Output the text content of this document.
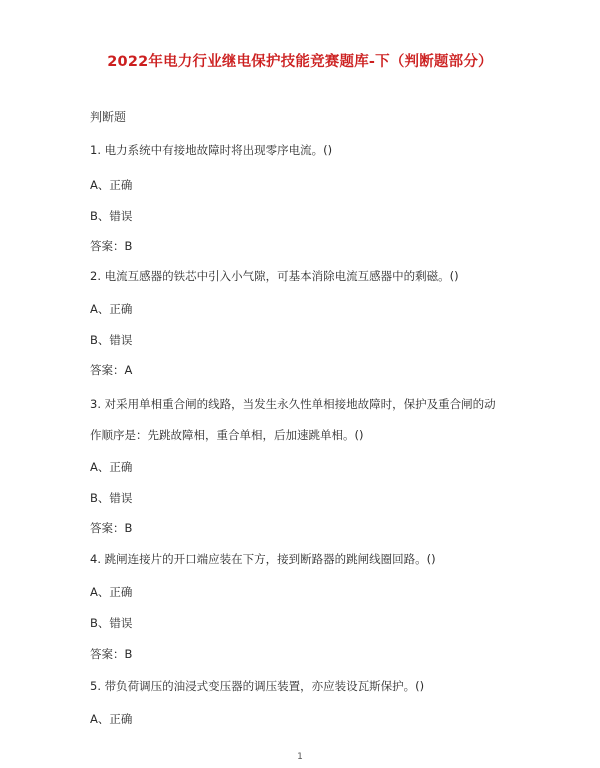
2022年电力行业继电保护技能竞赛题库-下（判断题部分）
判断题
1. 电力系统中有接地故障时将出现零序电流。()
A、正确
B、错误
答案：B
2. 电流互感器的铁芯中引入小气隙，可基本消除电流互感器中的剩磁。()
A、正确
B、错误
答案：A
3. 对采用单相重合闸的线路，当发生永久性单相接地故障时，保护及重合闸的动
作顺序是：先跳故障相，重合单相，后加速跳单相。()
A、正确
B、错误
答案：B
4. 跳闸连接片的开口端应装在下方，接到断路器的跳闸线圈回路。()
A、正确
B、错误
答案：B
5. 带负荷调压的油浸式变压器的调压装置，亦应装设瓦斯保护。()
A、正确
1
